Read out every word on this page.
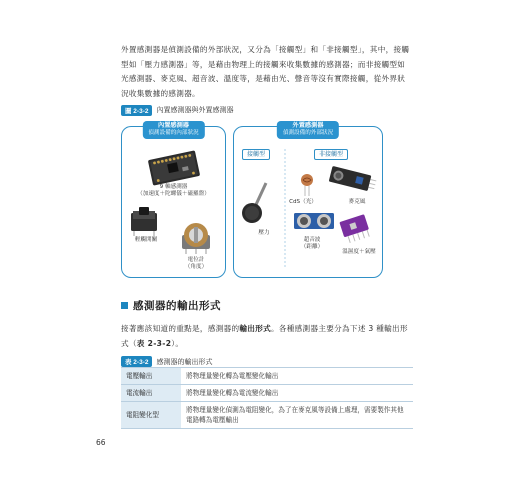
外置感測器是偵測設備的外部狀況，又分為「接觸型」和「非接觸型」，其中，接觸型如「壓力感測器」等，是藉由物理上的接觸來收集數據的感測器；而非接觸型如光感測器、麥克風、超音波、溫度等，是藉由光、聲音等沒有實際接觸，從外界狀況收集數據的感測器。

圖 2-3-2	內置感測器與外置感測器
內置感測器
偵測設備的內部狀況
9 軸感測器
（加速度＋陀螺儀＋磁羅盤）
輕觸開關
電位計
（角度）
外置感測器
偵測設備的外部狀況
接觸型	非接觸型
壓力
CdS（光）	麥克風
超音波
（距離）
溫濕度＋氣壓
感測器的輸出形式

接著應該知道的重點是，感測器的輸出形式。各種感測器主要分為下述 3 種輸出形式（表 2-3-2）。

表 2-3-2	感測器的輸出形式
電壓輸出	將物理量變化轉為電壓變化輸出
電流輸出	將物理量變化轉為電流變化輸出
電阻變化型	將物理量變化偵測為電阻變化，為了在麥克風等設備上處理，需要製作其他電路轉為電壓輸出
66
